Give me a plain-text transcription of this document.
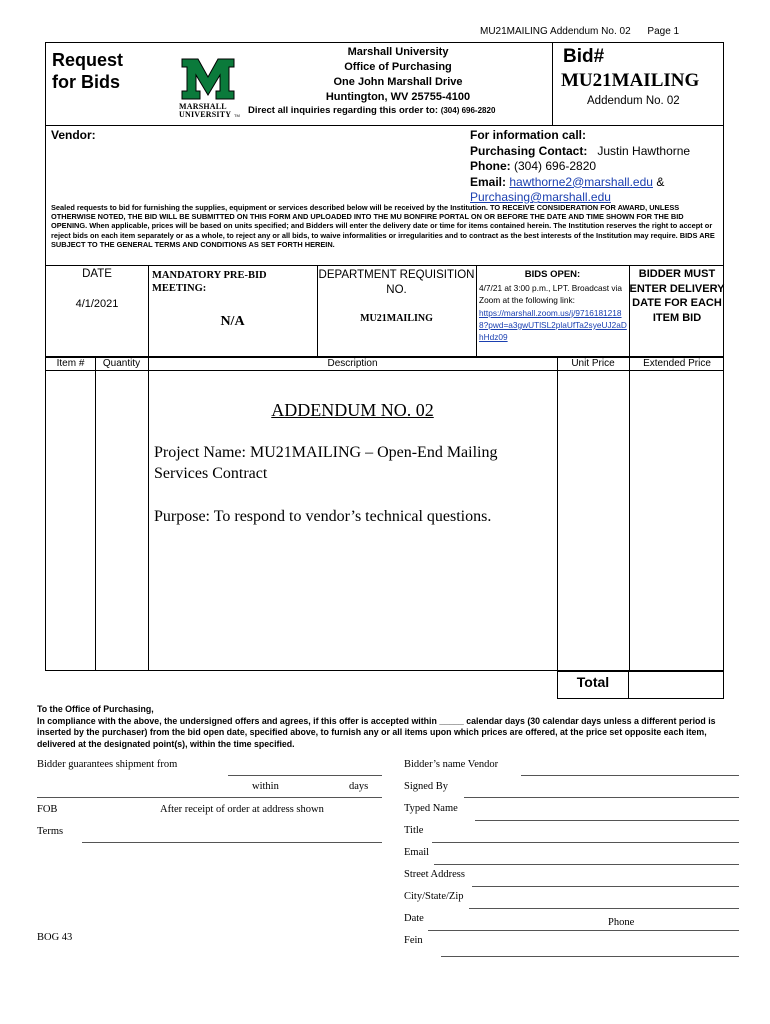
MU21MAILING Addendum No. 02 Page 1
Request
for Bids
MARSHALL
UNIVERSITY TM
Marshall University
Office of Purchasing
One John Marshall Drive
Huntington, WV 25755-4100
Direct all inquiries regarding this order to: (304) 696-2820
Bid#
MU21MAILING
Addendum No. 02
Vendor:	For information call:
Purchasing Contact: Justin Hawthorne
Phone: (304) 696-2820
Email: hawthorne2@marshall.edu &
Purchasing@marshall.edu
Sealed requests to bid for furnishing the supplies, equipment or services described below will be received by the Institution. TO RECEIVE CONSIDERATION FOR AWARD, UNLESS OTHERWISE NOTED, THE BID WILL BE SUBMITTED ON THIS FORM AND UPLOADED INTO THE MU BONFIRE PORTAL ON OR BEFORE THE DATE AND TIME SHOWN FOR THE BID OPENING. When applicable, prices will be based on units specified; and Bidders will enter the delivery date or time for items contained herein. The Institution reserves the right to accept or reject bids on each item separately or as a whole, to reject any or all bids, to waive informalities or irregularities and to contract as the best interests of the Institution may require. BIDS ARE SUBJECT TO THE GENERAL TERMS AND CONDITIONS AS SET FORTH HEREIN.
DATE
4/1/2021
MANDATORY PRE-BID MEETING:
N/A
DEPARTMENT REQUISITION NO.
MU21MAILING
BIDS OPEN:
4/7/21 at 3:00 p.m., LPT. Broadcast via Zoom at the following link:
https://marshall.zoom.us/j/97161812188?pwd=a3gwUTlSL2plaUfTa2syeUJ2aDhHdz09
BIDDER MUST ENTER DELIVERY DATE FOR EACH ITEM BID
Item #	Quantity	Description	Unit Price	Extended Price
ADDENDUM NO. 02
Project Name: MU21MAILING – Open-End Mailing Services Contract
Purpose: To respond to vendor’s technical questions.
Total
To the Office of Purchasing,
In compliance with the above, the undersigned offers and agrees, if this offer is accepted within _____ calendar days (30 calendar days unless a different period is inserted by the purchaser) from the bid open date, specified above, to furnish any or all items upon which prices are offered, at the price set opposite each item, delivered at the designated point(s), within the time specified.
Bidder guarantees shipment from
within	days
FOB	After receipt of order at address shown
Terms
BOG 43
Bidder’s name Vendor
Signed By
Typed Name
Title
Email
Street Address
City/State/Zip
Date	Phone
Fein
